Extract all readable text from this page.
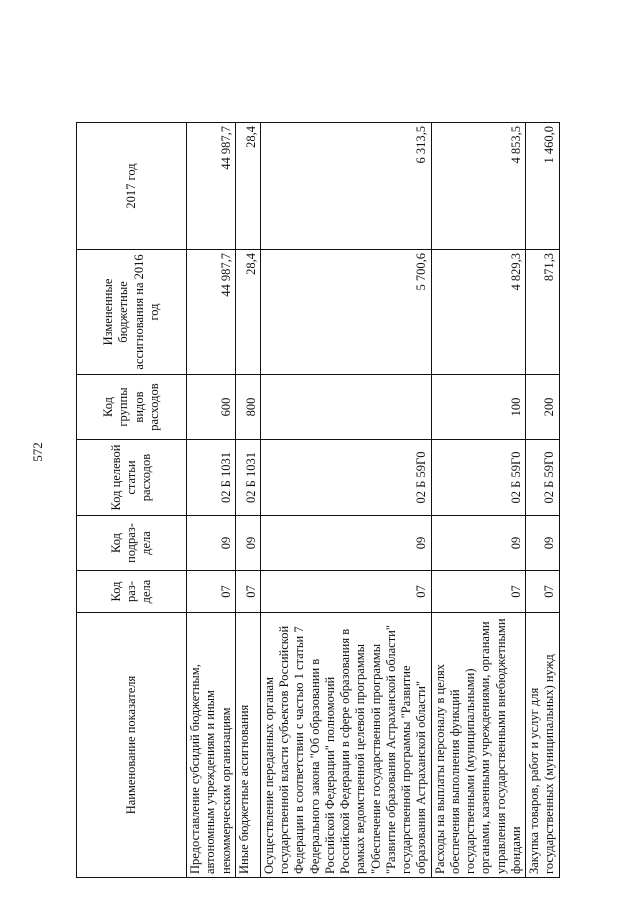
572
Наименование показателя	Код раз-дела	Код подраз-дела	Код целевой статьи расходов	Код группы видов расходов	Измененные бюджетные ассигнования на 2016 год	2017 год
Предоставление субсидий бюджетным, автономным учреждениям и иным некоммерческим организациям	07	09	02 Б 1031	600	44 987,7	44 987,7
Иные бюджетные ассигнования	07	09	02 Б 1031	800	28,4	28,4
Осуществление переданных органам государственной власти субъектов Российской Федерации в соответствии с частью 1 статьи 7 Федерального закона "Об образовании в Российской Федерации" полномочий Российской Федерации в сфере образования в рамках ведомственной целевой программы "Обеспечение государственной программы "Развитие образования Астраханской области" государственной программы "Развитие образования Астраханской области"	07	09	02 Б 59Г0		5 700,6	6 313,5
Расходы на выплаты персоналу в целях обеспечения выполнения функций государственными (муниципальными) органами, казенными учреждениями, органами управления государственными внебюджетными фондами	07	09	02 Б 59Г0	100	4 829,3	4 853,5
Закупка товаров, работ и услуг для государственных (муниципальных) нужд	07	09	02 Б 59Г0	200	871,3	1 460,0
